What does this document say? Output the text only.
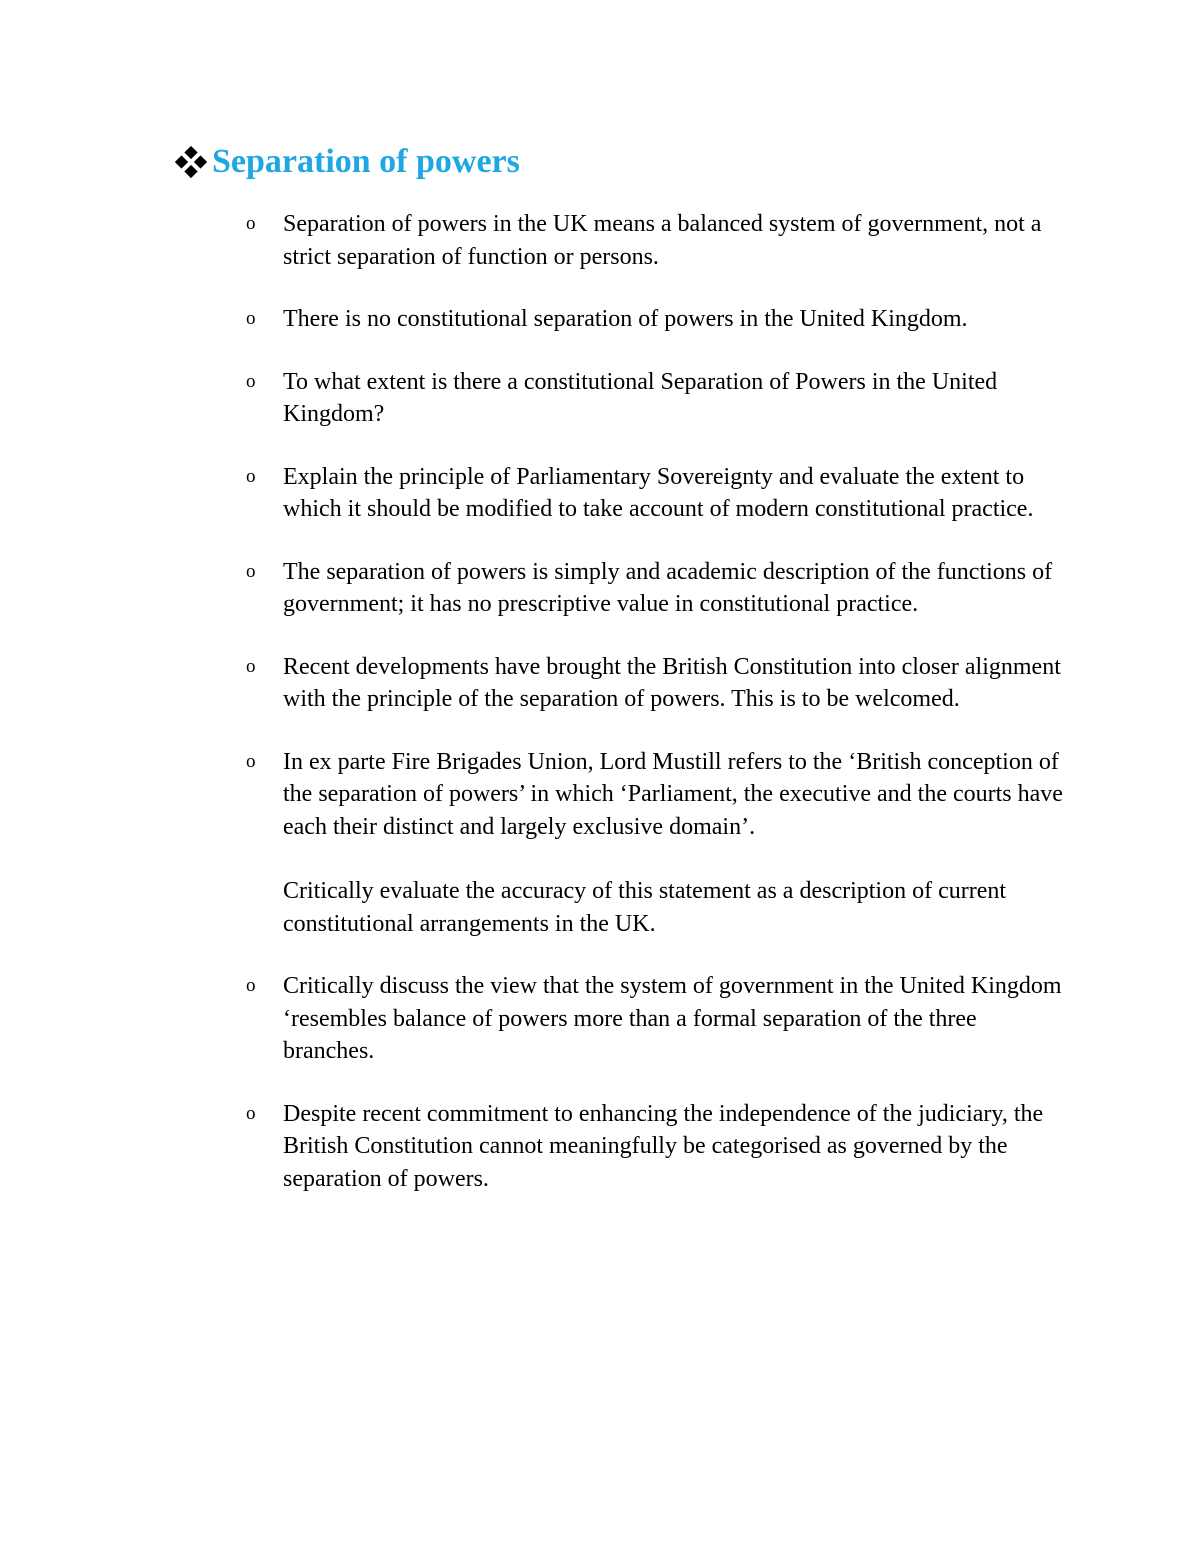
Separation of powers
o Separation of powers in the UK means a balanced system of government, not a strict separation of function or persons.
o There is no constitutional separation of powers in the United Kingdom.
o To what extent is there a constitutional Separation of Powers in the United Kingdom?
o Explain the principle of Parliamentary Sovereignty and evaluate the extent to which it should be modified to take account of modern constitutional practice.
o The separation of powers is simply and academic description of the functions of government; it has no prescriptive value in constitutional practice.
o Recent developments have brought the British Constitution into closer alignment with the principle of the separation of powers. This is to be welcomed.
o In ex parte Fire Brigades Union, Lord Mustill refers to the ‘British conception of the separation of powers’ in which ‘Parliament, the executive and the courts have each their distinct and largely exclusive domain’.
Critically evaluate the accuracy of this statement as a description of current constitutional arrangements in the UK.
o Critically discuss the view that the system of government in the United Kingdom ‘resembles balance of powers more than a formal separation of the three branches.
o Despite recent commitment to enhancing the independence of the judiciary, the British Constitution cannot meaningfully be categorised as governed by the separation of powers.
